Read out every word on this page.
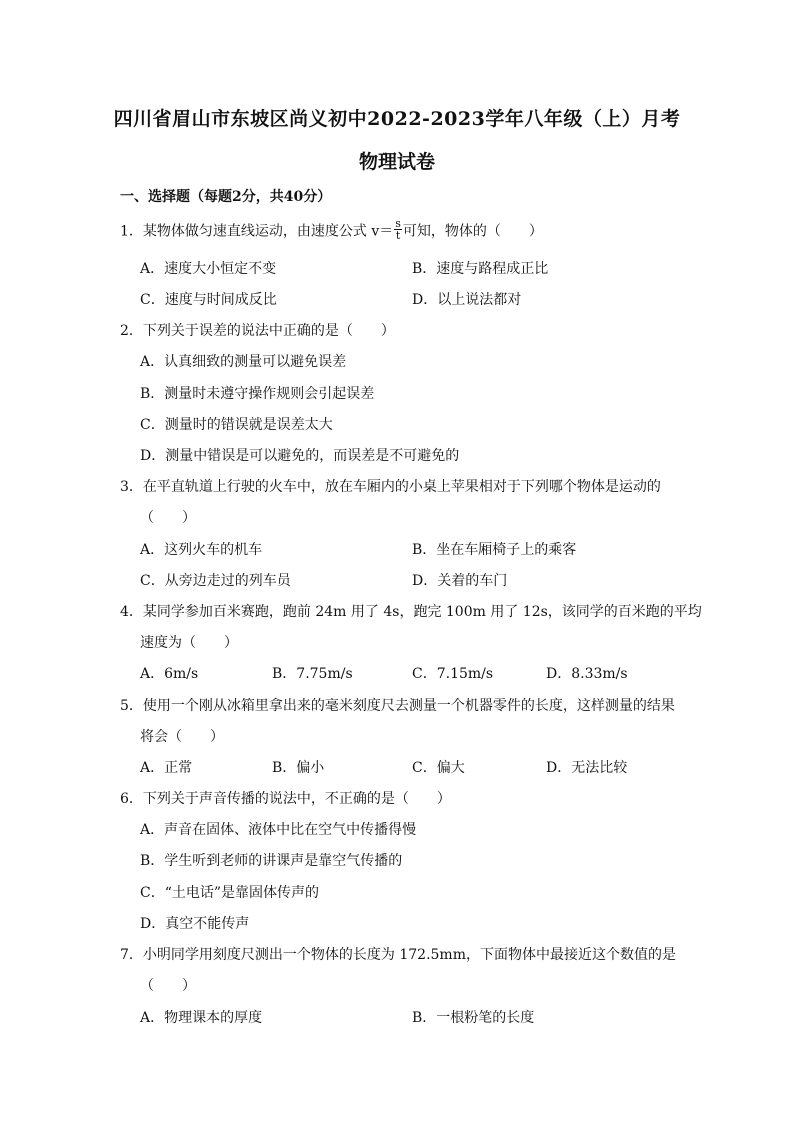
四川省眉山市东坡区尚义初中2022-2023学年八年级（上）月考
物理试卷
一、选择题（每题2分，共40分）
1．某物体做匀速直线运动，由速度公式 $v= \frac{s}{t}$ 可知，物体的（　　）
A．速度大小恒定不变	B．速度与路程成正比
C．速度与时间成反比	D．以上说法都对
2．下列关于误差的说法中正确的是（　　）
A．认真细致的测量可以避免误差
B．测量时未遵守操作规则会引起误差
C．测量时的错误就是误差太大
D．测量中错误是可以避免的，而误差是不可避免的
3．在平直轨道上行驶的火车中，放在车厢内的小桌上苹果相对于下列哪个物体是运动的
（　　）
A．这列火车的机车	B．坐在车厢椅子上的乘客
C．从旁边走过的列车员	D．关着的车门
4．某同学参加百米赛跑，跑前 24m 用了 4s，跑完 100m 用了 12s，该同学的百米跑的平均
速度为（　　）
A．6m/s	B．7.75m/s	C．7.15m/s	D．8.33m/s
5．使用一个刚从冰箱里拿出来的毫米刻度尺去测量一个机器零件的长度，这样测量的结果
将会（　　）
A．正常	B．偏小	C．偏大	D．无法比较
6．下列关于声音传播的说法中，不正确的是（　　）
A．声音在固体、液体中比在空气中传播得慢
B．学生听到老师的讲课声是靠空气传播的
C．“土电话”是靠固体传声的
D．真空不能传声
7．小明同学用刻度尺测出一个物体的长度为 172.5mm，下面物体中最接近这个数值的是
（　　）
A．物理课本的厚度	B．一根粉笔的长度
